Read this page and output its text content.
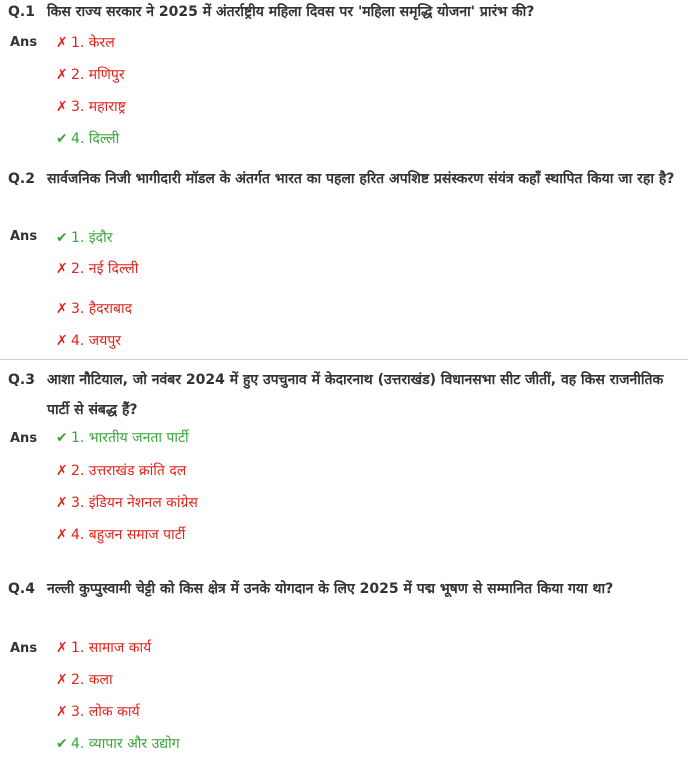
Q.1 किस राज्य सरकार ने 2025 में अंतर्राष्ट्रीय महिला दिवस पर 'महिला समृद्धि योजना' प्रारंभ की?
Ans ✗ 1. केरल
✗ 2. मणिपुर
✗ 3. महाराष्ट्र
✔ 4. दिल्ली
Q.2 सार्वजनिक निजी भागीदारी मॉडल के अंतर्गत भारत का पहला हरित अपशिष्ट प्रसंस्करण संयंत्र कहाँ स्थापित किया जा रहा है?
Ans ✔ 1. इंदौर
✗ 2. नई दिल्ली
✗ 3. हैदराबाद
✗ 4. जयपुर
Q.3 आशा नौटियाल, जो नवंबर 2024 में हुए उपचुनाव में केदारनाथ (उत्तराखंड) विधानसभा सीट जीतीं, वह किस राजनीतिक पार्टी से संबद्ध हैं?
Ans ✔ 1. भारतीय जनता पार्टी
✗ 2. उत्तराखंड क्रांति दल
✗ 3. इंडियन नेशनल कांग्रेस
✗ 4. बहुजन समाज पार्टी
Q.4 नल्ली कुप्पुस्वामी चेट्टी को किस क्षेत्र में उनके योगदान के लिए 2025 में पद्म भूषण से सम्मानित किया गया था?
Ans ✗ 1. सामाज कार्य
✗ 2. कला
✗ 3. लोक कार्य
✔ 4. व्यापार और उद्योग
